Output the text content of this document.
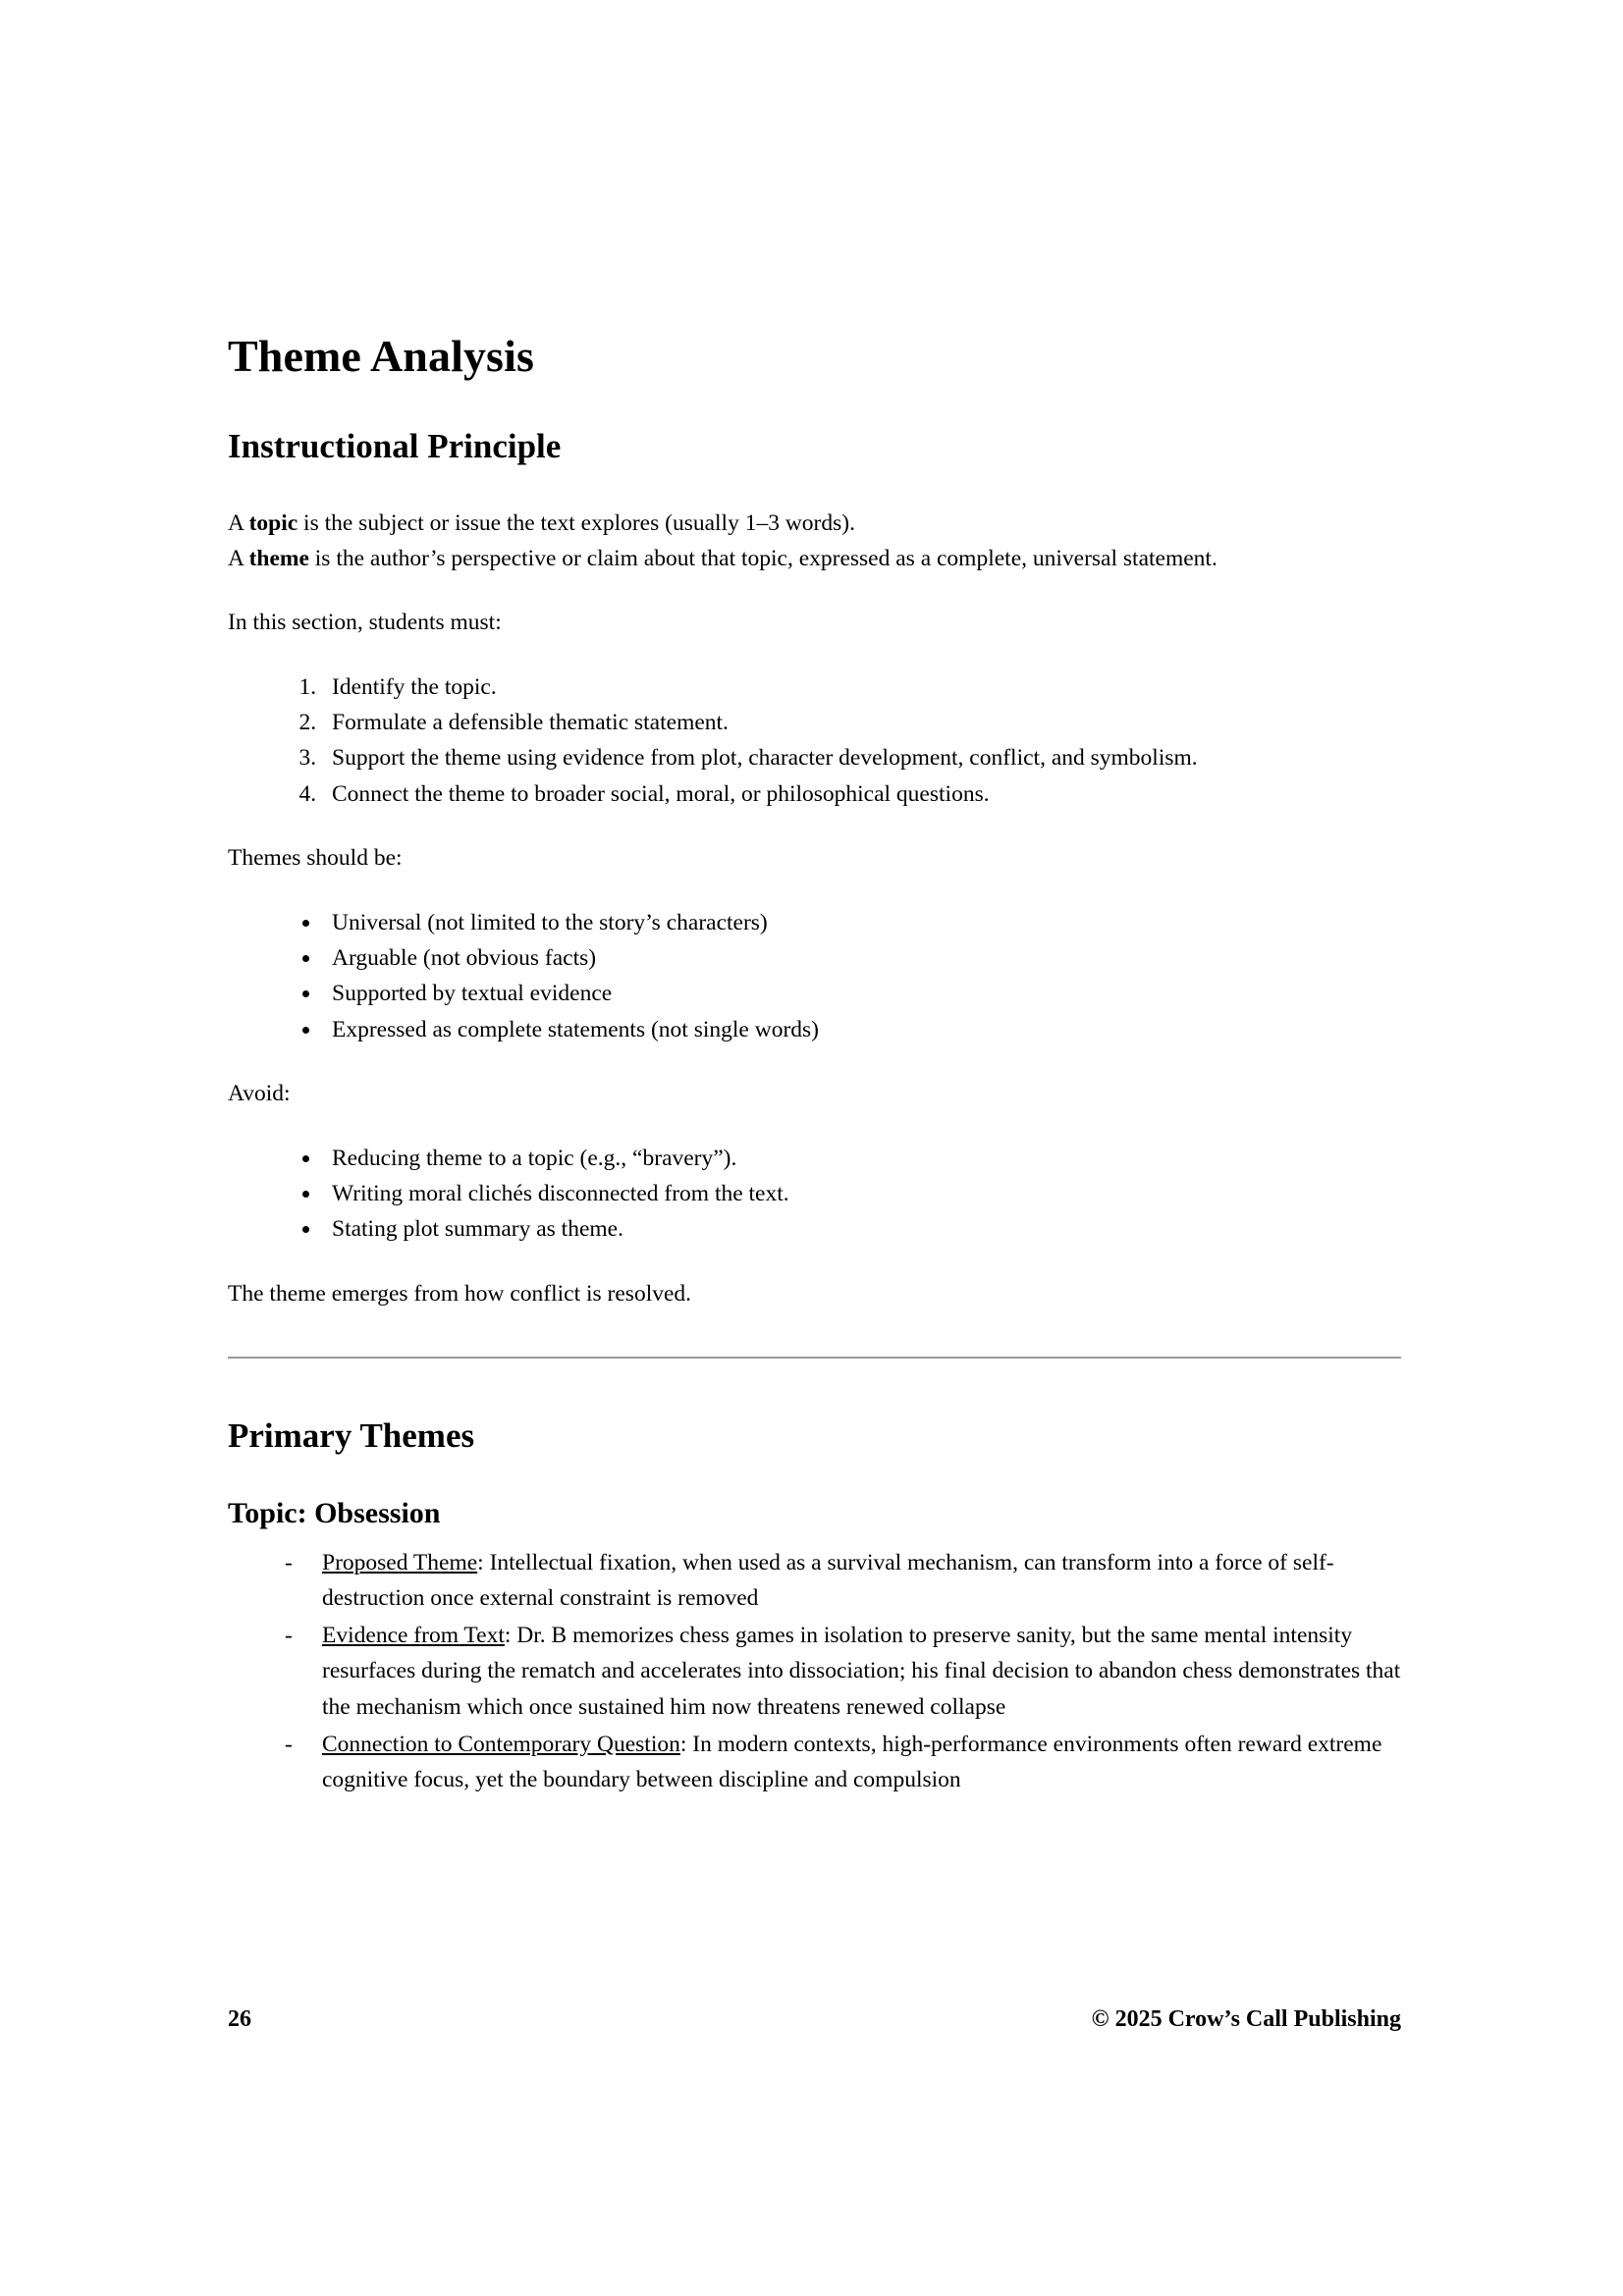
Theme Analysis
Instructional Principle

A topic is the subject or issue the text explores (usually 1–3 words).

A theme is the author’s perspective or claim about that topic, expressed as a complete, universal statement.

In this section, students must:

1. Identify the topic.
2. Formulate a defensible thematic statement.
3. Support the theme using evidence from plot, character development, conflict, and symbolism.
4. Connect the theme to broader social, moral, or philosophical questions.

Themes should be:

• Universal (not limited to the story’s characters)
• Arguable (not obvious facts)
• Supported by textual evidence
• Expressed as complete statements (not single words)

Avoid:

• Reducing theme to a topic (e.g., “bravery”).
• Writing moral clichés disconnected from the text.
• Stating plot summary as theme.

The theme emerges from how conflict is resolved.

Primary Themes
Topic: Obsession
- Proposed Theme: Intellectual fixation, when used as a survival mechanism, can transform into a force of self-destruction once external constraint is removed
- Evidence from Text: Dr. B memorizes chess games in isolation to preserve sanity, but the same mental intensity resurfaces during the rematch and accelerates into dissociation; his final decision to abandon chess demonstrates that the mechanism which once sustained him now threatens renewed collapse
- Connection to Contemporary Question: In modern contexts, high-performance environments often reward extreme cognitive focus, yet the boundary between discipline and compulsion
26	© 2025 Crow’s Call Publishing
